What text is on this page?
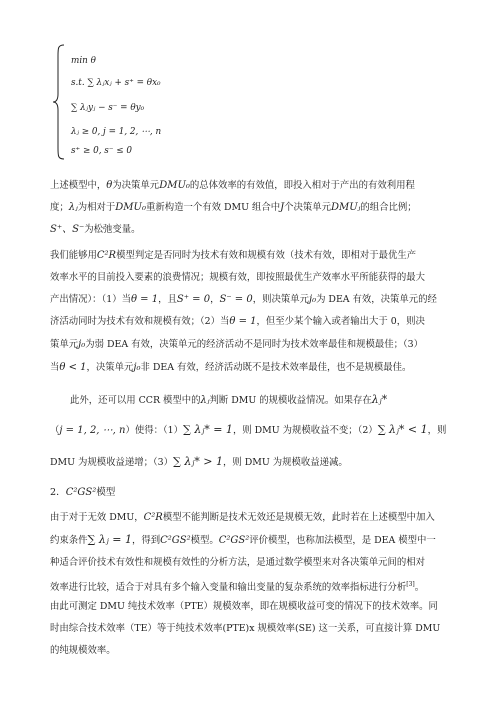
min θ
s.t. ∑ λⱼxⱼ + s⁺ = θx₀
∑ λⱼyⱼ − s⁻ = θy₀
λⱼ ≥ 0, j = 1, 2, ⋯, n
s⁺ ≥ 0, s⁻ ≤ 0
上述模型中，θ为决策单元DMU₀的总体效率的有效值，即投入相对于产出的有效利用程
度；λⱼ为相对于DMU₀重新构造一个有效 DMU 组合中J个决策单元DMUⱼ的组合比例；
S⁺、S⁻为松弛变量。
我们能够用C²R模型判定是否同时为技术有效和规模有效（技术有效，即相对于最优生产
效率水平的目前投入要素的浪费情况；规模有效，即按照最优生产效率水平所能获得的最大
产出情况）：（1）当θ = 1，且S⁺ = 0，S⁻ = 0，则决策单元j₀为 DEA 有效，决策单元的经
济活动同时为技术有效和规模有效；（2）当θ = 1，但至少某个输入或者输出大于 0，则决
策单元j₀为弱 DEA 有效，决策单元的经济活动不是同时为技术效率最佳和规模最佳；（3）
当θ < 1，决策单元j₀非 DEA 有效，经济活动既不是技术效率最佳，也不是规模最佳。
此外，还可以用 CCR 模型中的λⱼ判断 DMU 的规模收益情况。如果存在λⱼ*
（j = 1, 2, ⋯, n）使得：（1）∑ λⱼ* = 1，则 DMU 为规模收益不变；（2）∑ λⱼ* < 1，则
DMU 为规模收益递增；（3）∑ λⱼ* > 1，则 DMU 为规模收益递减。
2．C²GS²模型
由于对于无效 DMU，C²R模型不能判断是技术无效还是规模无效，此时若在上述模型中加入
约束条件∑ λⱼ = 1，得到C²GS²模型。C²GS²评价模型，也称加法模型，是 DEA 模型中一
种适合评价技术有效性和规模有效性的分析方法，是通过数学模型来对各决策单元间的相对
效率进行比较，适合于对具有多个输入变量和输出变量的复杂系统的效率指标进行分析[3]。
由此可测定 DMU 纯技术效率（PTE）规模效率，即在规模收益可变的情况下的技术效率。同
时由综合技术效率（TE）等于纯技术效率(PTE)x 规模效率(SE) 这一关系，可直接计算 DMU
的纯规模效率。
